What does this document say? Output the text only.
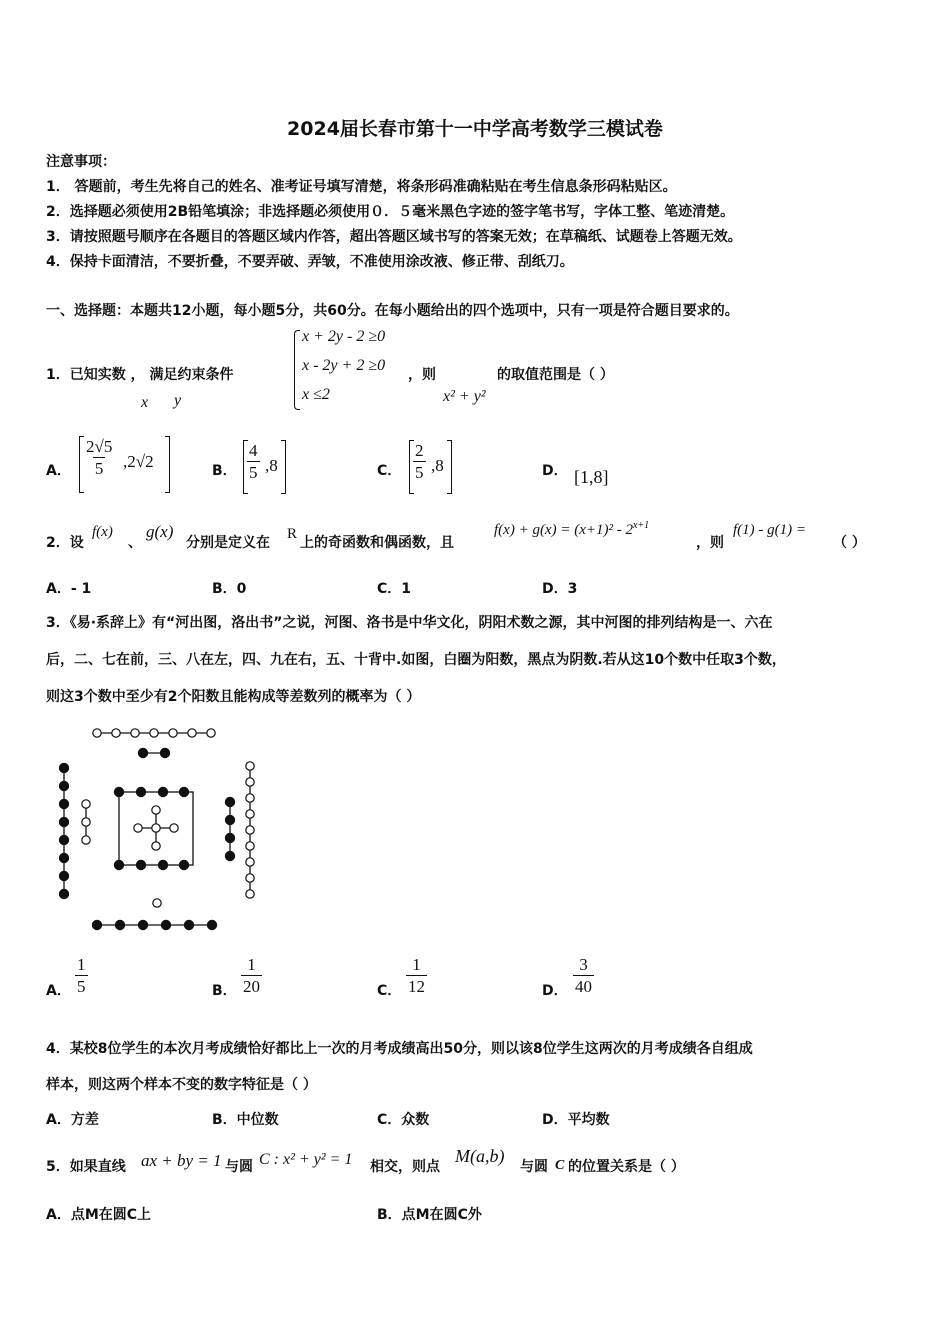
2024届长春市第十一中学高考数学三模试卷
注意事项：
1． 答题前，考生先将自己的姓名、准考证号填写清楚，将条形码准确粘贴在考生信息条形码粘贴区。
2．选择题必须使用2B铅笔填涂；非选择题必须使用０．５毫米黑色字迹的签字笔书写，字体工整、笔迹清楚。
3．请按照题号顺序在各题目的答题区域内作答，超出答题区域书写的答案无效；在草稿纸、试题卷上答题无效。
4．保持卡面清洁，不要折叠，不要弄破、弄皱，不准使用涂改液、修正带、刮纸刀。
一、选择题：本题共12小题，每小题5分，共60分。在每小题给出的四个选项中，只有一项是符合题目要求的。
1．已知实数 ， 满足约束条件
x y
x + 2y - 2 ≥0
x - 2y + 2 ≥0
x ≤2
，则
x² + y²
的取值范围是（ ）
A． $\frac{2√5}{5} ,2√2$	B． $\frac{4}{5} ,8$	C． $\frac{2}{5} ,8$	D． [1,8]
2．设
f(x)
、
g(x)
分别是定义在
R
上的奇函数和偶函数，且
$f(x) + g(x) = (x+1)^2 - 2^{x+1}$
，则
f(1) - g(1) =
（ ）
A．- 1	B．0	C．1	D．3
3．《易·系辞上》有“河出图，洛出书”之说，河图、洛书是中华文化，阴阳术数之源，其中河图的排列结构是一、六在
后，二、七在前，三、八在左，四、九在右，五、十背中.如图，白圈为阳数，黑点为阴数.若从这10个数中任取3个数，
则这3个数中至少有2个阳数且能构成等差数列的概率为（ ）
A． $\frac{1}{5}$	B． $\frac{1}{20}$	C． $\frac{1}{12}$	D． $\frac{3}{40}$
4．某校8位学生的本次月考成绩恰好都比上一次的月考成绩高出50分，则以该8位学生这两次的月考成绩各自组成
样本，则这两个样本不变的数字特征是（ ）
A．方差	B．中位数	C．众数	D．平均数
5．如果直线 ax + by = 1 与圆 C : x² + y² = 1 相交，则点
M(a,b)
与圆 C 的位置关系是（ ）
A．点M在圆C上	B．点M在圆C外
